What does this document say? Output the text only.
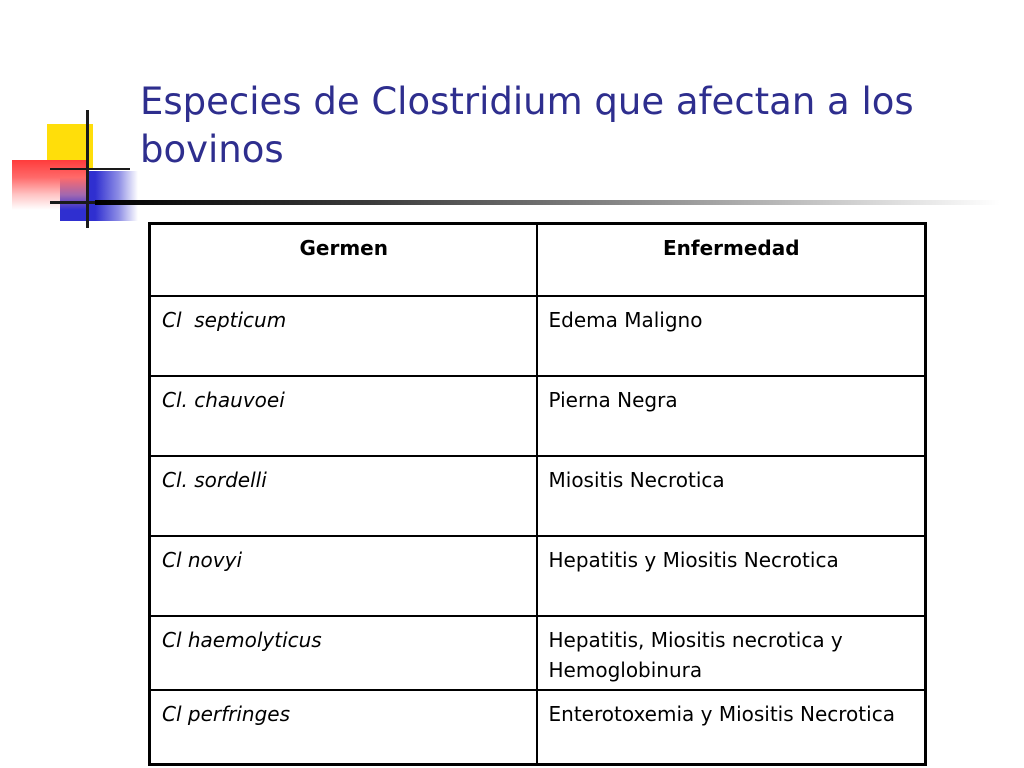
Especies de Clostridium que afectan a los bovinos
Germen	Enfermedad
Cl  septicum	Edema Maligno
Cl. chauvoei	Pierna Negra
Cl. sordelli	Miositis Necrotica
Cl novyi	Hepatitis y Miositis Necrotica
Cl haemolyticus	Hepatitis, Miositis necrotica y Hemoglobinura
Cl perfringes	Enterotoxemia y Miositis Necrotica
